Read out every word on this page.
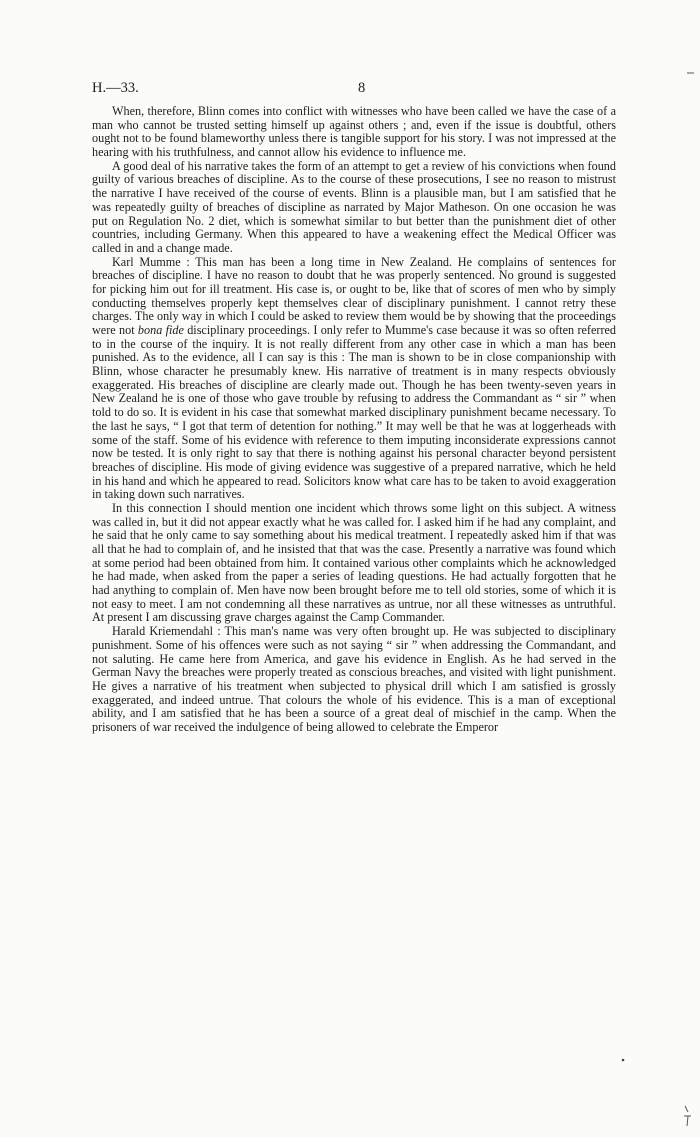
H.—33.	8

When, therefore, Blinn comes into conflict with witnesses who have been called we have the case of a man who cannot be trusted setting himself up against others ; and, even if the issue is doubtful, others ought not to be found blameworthy unless there is tangible support for his story. I was not impressed at the hearing with his truthfulness, and cannot allow his evidence to influence me.

A good deal of his narrative takes the form of an attempt to get a review of his convictions when found guilty of various breaches of discipline. As to the course of these prosecutions, I see no reason to mistrust the narrative I have received of the course of events. Blinn is a plausible man, but I am satisfied that he was repeatedly guilty of breaches of discipline as narrated by Major Matheson. On one occasion he was put on Regulation No. 2 diet, which is somewhat similar to but better than the punishment diet of other countries, including Germany. When this appeared to have a weakening effect the Medical Officer was called in and a change made.

Karl Mumme : This man has been a long time in New Zealand. He complains of sentences for breaches of discipline. I have no reason to doubt that he was properly sentenced. No ground is suggested for picking him out for ill treatment. His case is, or ought to be, like that of scores of men who by simply conducting themselves properly kept themselves clear of disciplinary punishment. I cannot retry these charges. The only way in which I could be asked to review them would be by showing that the proceedings were not bona fide disciplinary proceedings. I only refer to Mumme's case because it was so often referred to in the course of the inquiry. It is not really different from any other case in which a man has been punished. As to the evidence, all I can say is this : The man is shown to be in close companionship with Blinn, whose character he presumably knew. His narrative of treatment is in many respects obviously exaggerated. His breaches of discipline are clearly made out. Though he has been twenty-seven years in New Zealand he is one of those who gave trouble by refusing to address the Commandant as “ sir ” when told to do so. It is evident in his case that somewhat marked disciplinary punishment became necessary. To the last he says, “ I got that term of detention for nothing.” It may well be that he was at loggerheads with some of the staff. Some of his evidence with reference to them imputing inconsiderate expressions cannot now be tested. It is only right to say that there is nothing against his personal character beyond persistent breaches of discipline. His mode of giving evidence was suggestive of a prepared narrative, which he held in his hand and which he appeared to read. Solicitors know what care has to be taken to avoid exaggeration in taking down such narratives.

In this connection I should mention one incident which throws some light on this subject. A witness was called in, but it did not appear exactly what he was called for. I asked him if he had any complaint, and he said that he only came to say something about his medical treatment. I repeatedly asked him if that was all that he had to complain of, and he insisted that that was the case. Presently a narrative was found which at some period had been obtained from him. It contained various other complaints which he acknowledged he had made, when asked from the paper a series of leading questions. He had actually forgotten that he had anything to complain of. Men have now been brought before me to tell old stories, some of which it is not easy to meet. I am not condemning all these narratives as untrue, nor all these witnesses as untruthful. At present I am discussing grave charges against the Camp Commander.

Harald Kriemendahl : This man's name was very often brought up. He was subjected to disciplinary punishment. Some of his offences were such as not saying “ sir ” when addressing the Commandant, and not saluting. He came here from America, and gave his evidence in English. As he had served in the German Navy the breaches were properly treated as conscious breaches, and visited with light punishment. He gives a narrative of his treatment when subjected to physical drill which I am satisfied is grossly exaggerated, and indeed untrue. That colours the whole of his evidence. This is a man of exceptional ability, and I am satisfied that he has been a source of a great deal of mischief in the camp. When the prisoners of war received the indulgence of being allowed to celebrate the Emperor
